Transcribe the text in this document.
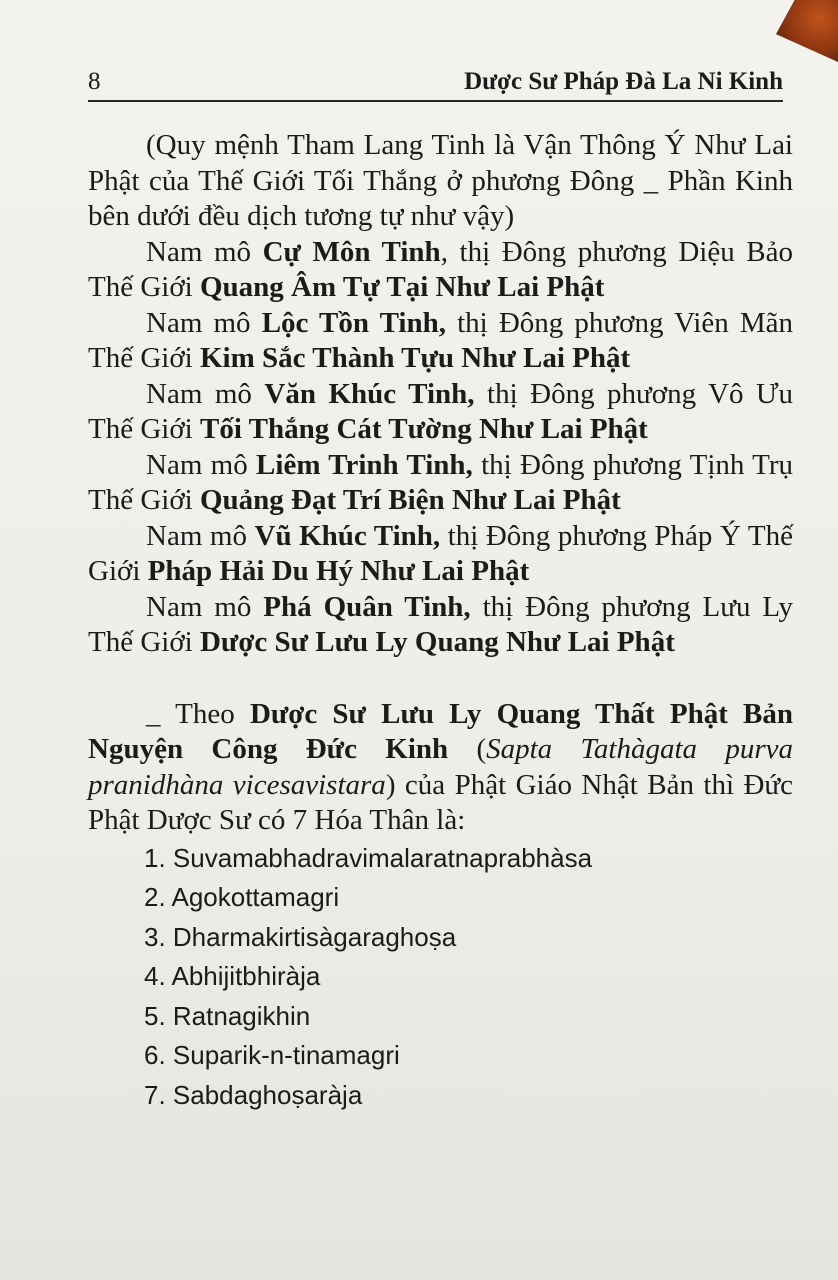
8	Dược Sư Pháp Đà La Ni Kinh

(Quy mệnh Tham Lang Tinh là Vận Thông Ý Như Lai Phật của Thế Giới Tối Thắng ở phương Đông _ Phần Kinh bên dưới đều dịch tương tự như vậy)

Nam mô Cự Môn Tinh, thị Đông phương Diệu Bảo Thế Giới Quang Âm Tự Tại Như Lai Phật

Nam mô Lộc Tồn Tinh, thị Đông phương Viên Mãn Thế Giới Kim Sắc Thành Tựu Như Lai Phật

Nam mô Văn Khúc Tinh, thị Đông phương Vô Ưu Thế Giới Tối Thắng Cát Tường Như Lai Phật

Nam mô Liêm Trinh Tinh, thị Đông phương Tịnh Trụ Thế Giới Quảng Đạt Trí Biện Như Lai Phật

Nam mô Vũ Khúc Tinh, thị Đông phương Pháp Ý Thế Giới Pháp Hải Du Hý Như Lai Phật

Nam mô Phá Quân Tinh, thị Đông phương Lưu Ly Thế Giới Dược Sư Lưu Ly Quang Như Lai Phật

_ Theo Dược Sư Lưu Ly Quang Thất Phật Bản Nguyện Công Đức Kinh (Sapta Tathàgata purva pranidhàna vicesavistara) của Phật Giáo Nhật Bản thì Đức Phật Dược Sư có 7 Hóa Thân là:

1. Suvamabhadravimalaratnaprabhàsa
2. Agokottamagri
3. Dharmakirtisàgaraghoṣa
4. Abhijitbhiràja
5. Ratnagikhin
6. Suparik-n-tinamagri
7. Sabdaghoṣaràja
